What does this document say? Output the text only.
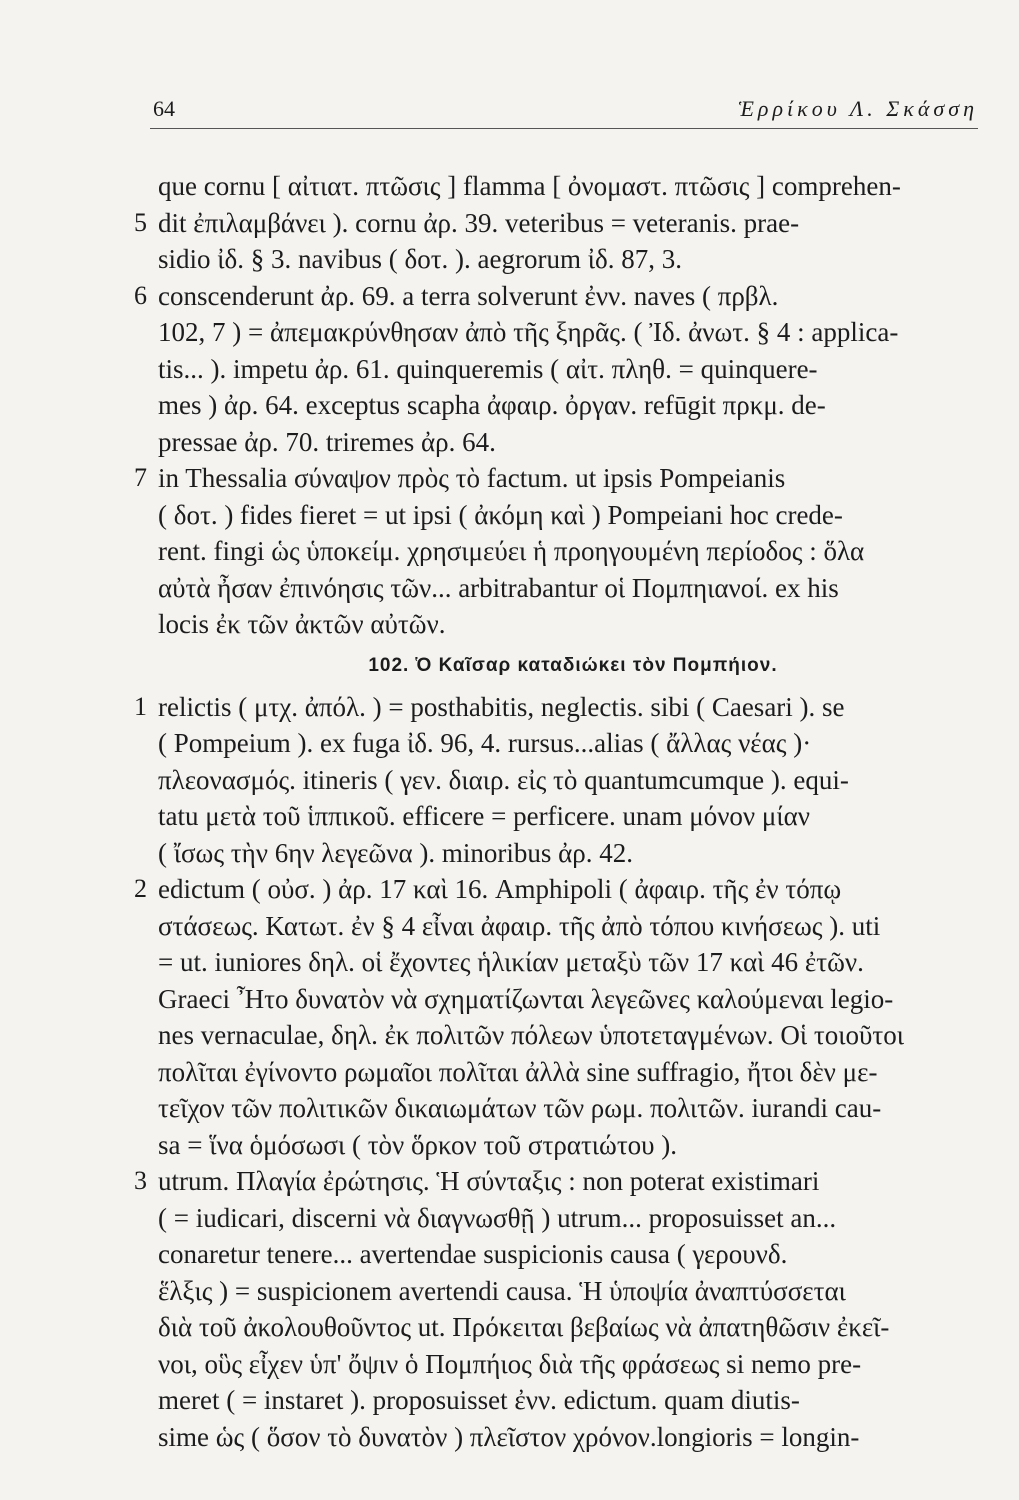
64	Ἑρρίκου Λ. Σκάσση
que cornu [ αἰτιατ. πτῶσις ] flamma [ ὀνομαστ. πτῶσις ] comprehen-
5 dit ἐπιλαμβάνει ). cornu ἀρ. 39. veteribus = veteranis. prae-
sidio ἰδ. § 3. navibus ( δοτ. ). aegrorum ἰδ. 87, 3.
6 conscenderunt ἀρ. 69. a terra solverunt ἐνν. naves ( πρβλ.
102, 7 ) = ἀπεμακρύνθησαν ἀπὸ τῆς ξηρᾶς. ( Ἰδ. ἀνωτ. § 4 : applica-
tis... ). impetu ἀρ. 61. quinqueremis ( αἰτ. πληθ. = quinquere-
mes ) ἀρ. 64. exceptus scapha ἀφαιρ. ὀργαν. refūgit πρκμ. de-
pressae ἀρ. 70. triremes ἀρ. 64.
7 in Thessalia σύναψον πρὸς τὸ factum. ut ipsis Pompeianis
( δοτ. ) fides fieret = ut ipsi ( ἀκόμη καὶ ) Pompeiani hoc crede-
rent. fingi ὡς ὑποκείμ. χρησιμεύει ἡ προηγουμένη περίοδος : ὅλα
αὐτὰ ἦσαν ἐπινόησις τῶν... arbitrabantur οἱ Πομπηιανοί. ex his
locis ἐκ τῶν ἀκτῶν αὐτῶν.
102. Ὁ Καῖσαρ καταδιώκει τὸν Πομπήιον.
1 relictis ( μτχ. ἀπόλ. ) = posthabitis, neglectis. sibi ( Caesari ). se
( Pompeium ). ex fuga ἰδ. 96, 4. rursus...alias ( ἄλλας νέας )·
πλεονασμός. itineris ( γεν. διαιρ. εἰς τὸ quantumcumque ). equi-
tatu μετὰ τοῦ ἱππικοῦ. efficere = perficere. unam μόνον μίαν
( ἴσως τὴν 6ην λεγεῶνα ). minoribus ἀρ. 42.
2 edictum ( οὐσ. ) ἀρ. 17 καὶ 16. Amphipoli ( ἀφαιρ. τῆς ἐν τόπῳ
στάσεως. Κατωτ. ἐν § 4 εἶναι ἀφαιρ. τῆς ἀπὸ τόπου κινήσεως ). uti
= ut. iuniores δηλ. οἱ ἔχοντες ἡλικίαν μεταξὺ τῶν 17 καὶ 46 ἐτῶν.
Graeci Ἦτο δυνατὸν νὰ σχηματίζωνται λεγεῶνες καλούμεναι legio-
nes vernaculae, δηλ. ἐκ πολιτῶν πόλεων ὑποτεταγμένων. Οἱ τοιοῦτοι
πολῖται ἐγίνοντο ρωμαῖοι πολῖται ἀλλὰ sine suffragio, ἤτοι δὲν με-
τεῖχον τῶν πολιτικῶν δικαιωμάτων τῶν ρωμ. πολιτῶν. iurandi cau-
sa = ἵνα ὁμόσωσι ( τὸν ὅρκον τοῦ στρατιώτου ).
3 utrum. Πλαγία ἐρώτησις. Ἡ σύνταξις : non poterat existimari
( = iudicari, discerni νὰ διαγνωσθῇ ) utrum... proposuisset an...
conaretur tenere... avertendae suspicionis causa ( γερουνδ.
ἕλξις ) = suspicionem avertendi causa. Ἡ ὑποψία ἀναπτύσσεται
διὰ τοῦ ἀκολουθοῦντος ut. Πρόκειται βεβαίως νὰ ἀπατηθῶσιν ἐκεῖ-
νοι, οὓς εἶχεν ὑπ' ὄψιν ὁ Πομπήιος διὰ τῆς φράσεως si nemo pre-
meret ( = instaret ). proposuisset ἐνν. edictum. quam diutis-
sime ὡς ( ὅσον τὸ δυνατὸν ) πλεῖστον χρόνον.longioris = longin-
